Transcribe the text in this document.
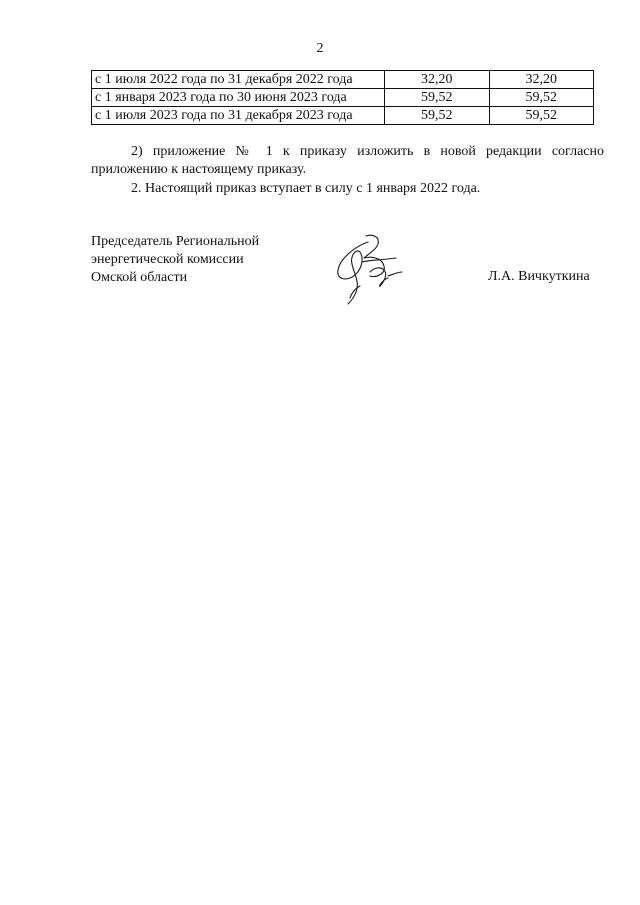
2
с 1 июля 2022 года по 31 декабря 2022 года	32,20	32,20
с 1 января 2023 года по 30 июня 2023 года	59,52	59,52
с 1 июля 2023 года по 31 декабря 2023 года	59,52	59,52
2) приложение № 1 к приказу изложить в новой редакции согласно приложению к настоящему приказу.
2. Настоящий приказ вступает в силу с 1 января 2022 года.
Председатель Региональной
энергетической комиссии
Омской области	Л.А. Вичкуткина
